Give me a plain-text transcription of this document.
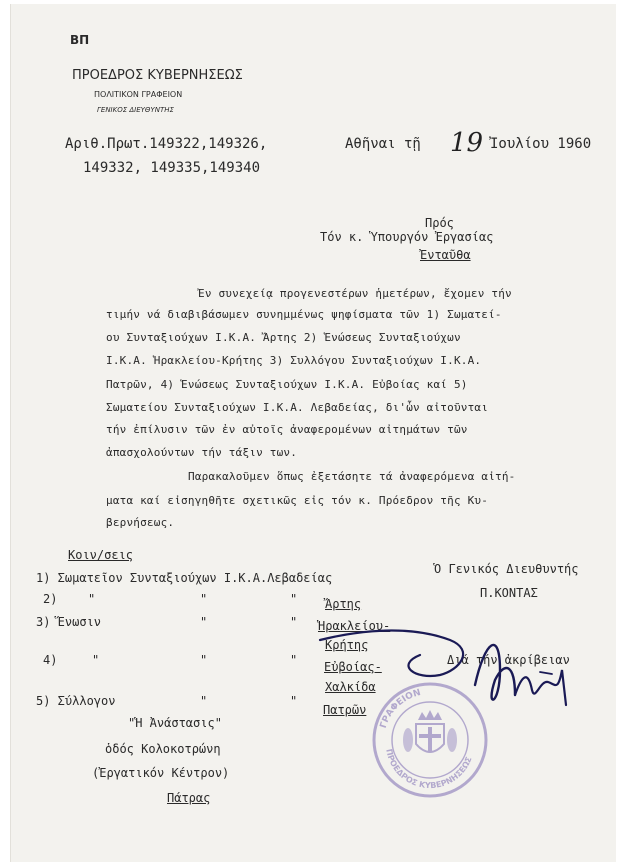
BΠ
ΠΡΟΕΔΡΟΣ ΚΥΒΕΡΝΗΣΕΩΣ
ΠΟΛΙΤΙΚΟΝ ΓΡΑΦΕΙΟΝ
ΓΕΝΙΚΟΣ ΔΙΕΥΘΥΝΤΗΣ
Αριθ.Πρωτ.149322,149326,
149332, 149335,149340
Αθῆναι τῇ 19 Ἰουλίου 1960
Πρός
Τόν κ. Ὑπουργόν Ἐργασίας
Ἐνταῦθα
Ἐν συνεχείᾳ προγενεστέρων ἡμετέρων, ἔχομεν τήν
τιμήν νά διαβιβάσωμεν συνημμένως ψηφίσματα τῶν 1) Σωματεί-
ου Συνταξιούχων Ι.Κ.Α. Ἄρτης 2) Ἑνώσεως Συνταξιούχων
Ι.Κ.Α. Ἡρακλείου-Κρήτης 3) Συλλόγου Συνταξιούχων Ι.Κ.Α.
Πατρῶν, 4) Ἑνώσεως Συνταξιούχων Ι.Κ.Α. Εὐβοίας καί 5)
Σωματείου Συνταξιούχων Ι.Κ.Α. Λεβαδείας, δι'ὧν αἰτοῦνται
τήν ἐπίλυσιν τῶν ἐν αὐτοῖς ἀναφερομένων αἰτημάτων τῶν
ἀπασχολούντων τήν τάξιν των.
Παρακαλοῦμεν ὅπως ἐξετάσητε τά ἀναφερόμενα αἰτή-
ματα καί εἰσηγηθῆτε σχετικῶς εἰς τόν κ. Πρόεδρον τῆς Κυ-
βερνήσεως.
Κοιν/σεις
1) Σωματεῖον Συνταξιούχων Ι.Κ.Α.Λεβαδείας
2)	"	"	" Ἄρτης
3) Ἕνωσιν	"	" Ἡρακλείου-
Κρήτης
4)	"	"	" Εὐβοίας-
Χαλκίδα
5) Σύλλογον	"	"
Πατρῶν
"Ἡ Ἀνάστασις"
ὁδός Κολοκοτρώνη
(Ἐργατικόν Κέντρον)
Πάτρας
Ὁ Γενικός Διευθυντής
Π.ΚΟΝΤΑΣ
Διά τήν ἀκρίβειαν
ΓΡΑΦΕΙΟΝ
ΠΡΟΕΔΡΟΣ ΚΥΒΕΡΝΗΣΕΩΣ
